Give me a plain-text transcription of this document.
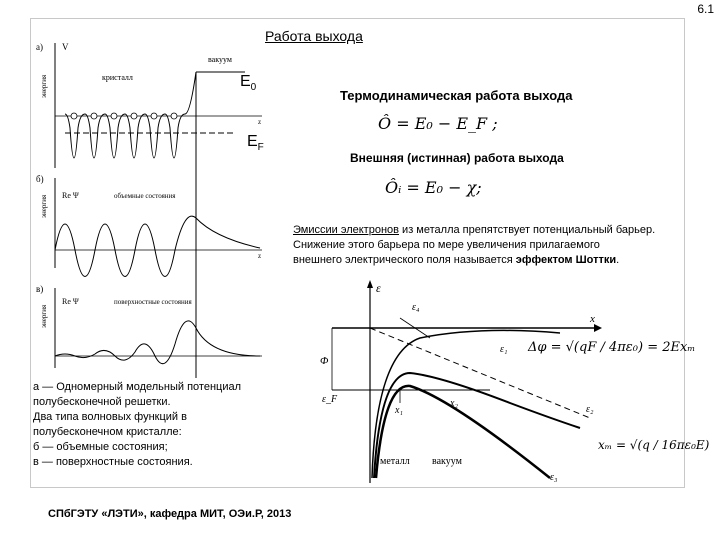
6.1
Работа выхода
а) V
энергия
z
вакуум
кристалл
б)
энергия
z
Re Ψ	объемные состояния
в)
энергия
Re Ψ	поверхностные состояния
$E_0$
$E_F$
Термодинамическая работа выхода
Ô = E₀ − E_F ;
Внешняя (истинная) работа выхода
Ôᵢ = E₀ − χ;
Эмиссии электронов из металла препятствует потенциальный барьер.
Снижение этого барьера по мере увеличения прилагаемого
внешнего электрического поля называется эффектом Шоттки.
ε
x
Φ
ε_F
ε₄
ε₁
ε₂
ε₃
x₁
x₂
металл вакуум
Δφ = √(qF / 4πε₀) = 2Exₘ
xₘ = √(q / 16πε₀E)
а — Одномерный модельный потенциал
полубесконечной решетки.
Два типа волновых функций в
полубесконечном кристалле:
б — объемные состояния;
в — поверхностные состояния.
СПбГЭТУ «ЛЭТИ», кафедра МИТ, ОЭи.Р, 2013
